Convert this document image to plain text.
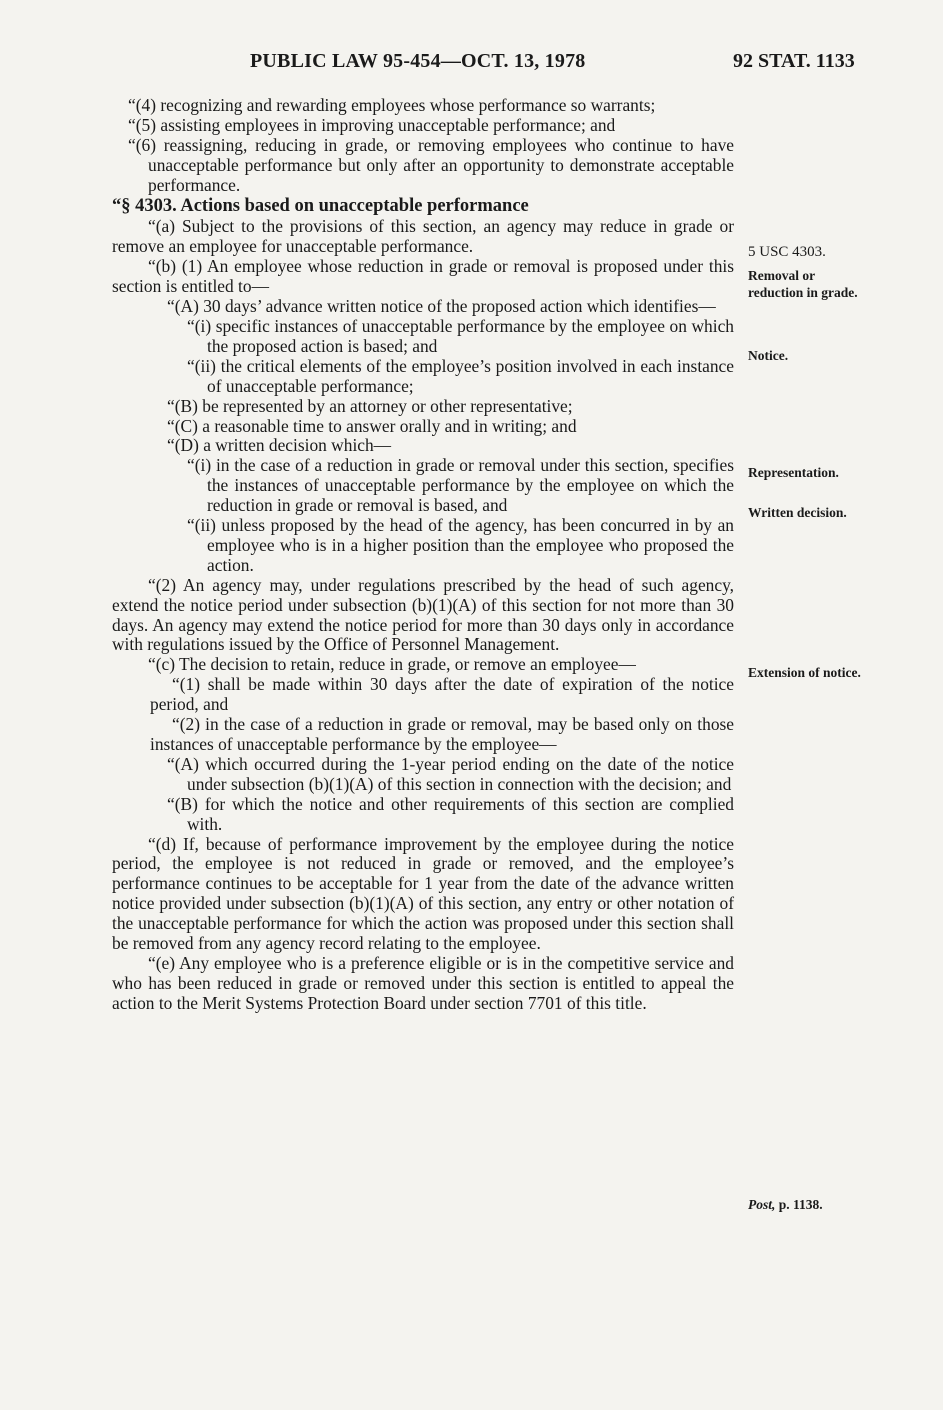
PUBLIC LAW 95-454—OCT. 13, 1978	92 STAT. 1133

“(4) recognizing and rewarding employees whose performance so warrants;

“(5) assisting employees in improving unacceptable performance; and

“(6) reassigning, reducing in grade, or removing employees who continue to have unacceptable performance but only after an opportunity to demonstrate acceptable performance.

“§ 4303. Actions based on unacceptable performance

“(a) Subject to the provisions of this section, an agency may reduce in grade or remove an employee for unacceptable performance.

“(b) (1) An employee whose reduction in grade or removal is proposed under this section is entitled to—

“(A) 30 days’ advance written notice of the proposed action which identifies—

“(i) specific instances of unacceptable performance by the employee on which the proposed action is based; and

“(ii) the critical elements of the employee’s position involved in each instance of unacceptable performance;

“(B) be represented by an attorney or other representative;

“(C) a reasonable time to answer orally and in writing; and

“(D) a written decision which—

“(i) in the case of a reduction in grade or removal under this section, specifies the instances of unacceptable performance by the employee on which the reduction in grade or removal is based, and

“(ii) unless proposed by the head of the agency, has been concurred in by an employee who is in a higher position than the employee who proposed the action.

“(2) An agency may, under regulations prescribed by the head of such agency, extend the notice period under subsection (b)(1)(A) of this section for not more than 30 days. An agency may extend the notice period for more than 30 days only in accordance with regulations issued by the Office of Personnel Management.

“(c) The decision to retain, reduce in grade, or remove an employee—

“(1) shall be made within 30 days after the date of expiration of the notice period, and

“(2) in the case of a reduction in grade or removal, may be based only on those instances of unacceptable performance by the employee—

“(A) which occurred during the 1-year period ending on the date of the notice under subsection (b)(1)(A) of this section in connection with the decision; and

“(B) for which the notice and other requirements of this section are complied with.

“(d) If, because of performance improvement by the employee during the notice period, the employee is not reduced in grade or removed, and the employee’s performance continues to be acceptable for 1 year from the date of the advance written notice provided under subsection (b)(1)(A) of this section, any entry or other notation of the unacceptable performance for which the action was proposed under this section shall be removed from any agency record relating to the employee.

“(e) Any employee who is a preference eligible or is in the competitive service and who has been reduced in grade or removed under this section is entitled to appeal the action to the Merit Systems Protection Board under section 7701 of this title.

5 USC 4303.
Removal or reduction in grade.
Notice.
Representation.
Written decision.
Extension of notice.
Post, p. 1138.
